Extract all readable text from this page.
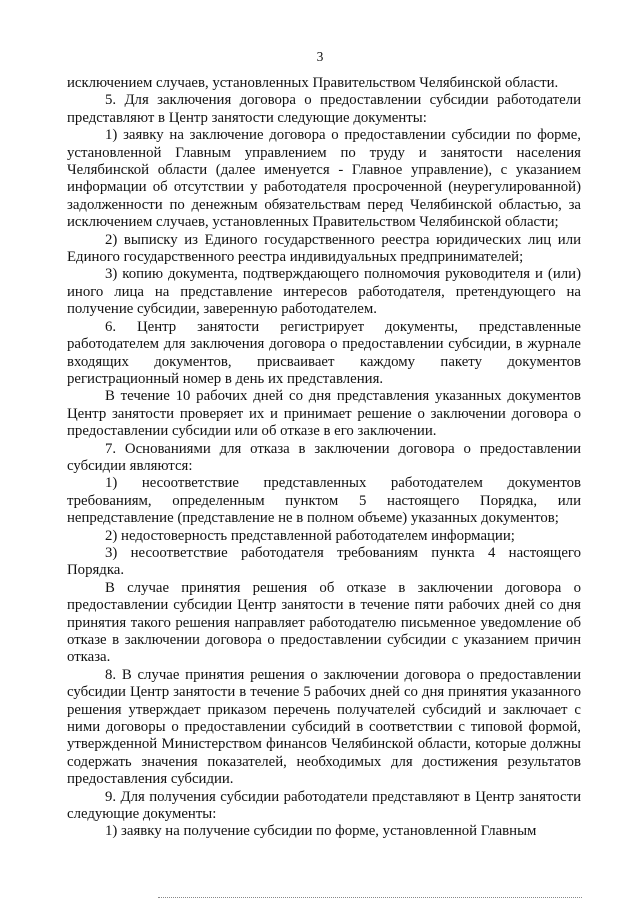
3

исключением случаев, установленных Правительством Челябинской области.

5. Для заключения договора о предоставлении субсидии работодатели представляют в Центр занятости следующие документы:

1) заявку на заключение договора о предоставлении субсидии по форме, установленной Главным управлением по труду и занятости населения Челябинской области (далее именуется - Главное управление), с указанием информации об отсутствии у работодателя просроченной (неурегулированной) задолженности по денежным обязательствам перед Челябинской областью, за исключением случаев, установленных Правительством Челябинской области;

2) выписку из Единого государственного реестра юридических лиц или Единого государственного реестра индивидуальных предпринимателей;

3) копию документа, подтверждающего полномочия руководителя и (или) иного лица на представление интересов работодателя, претендующего на получение субсидии, заверенную работодателем.

6. Центр занятости регистрирует документы, представленные работодателем для заключения договора о предоставлении субсидии, в журнале входящих документов, присваивает каждому пакету документов регистрационный номер в день их представления.

В течение 10 рабочих дней со дня представления указанных документов Центр занятости проверяет их и принимает решение о заключении договора о предоставлении субсидии или об отказе в его заключении.

7. Основаниями для отказа в заключении договора о предоставлении субсидии являются:

1) несоответствие представленных работодателем документов требованиям, определенным пунктом 5 настоящего Порядка, или непредставление (представление не в полном объеме) указанных документов;

2) недостоверность представленной работодателем информации;

3) несоответствие работодателя требованиям пункта 4 настоящего Порядка.

В случае принятия решения об отказе в заключении договора о предоставлении субсидии Центр занятости в течение пяти рабочих дней со дня принятия такого решения направляет работодателю письменное уведомление об отказе в заключении договора о предоставлении субсидии с указанием причин отказа.

8. В случае принятия решения о заключении договора о предоставлении субсидии Центр занятости в течение 5 рабочих дней со дня принятия указанного решения утверждает приказом перечень получателей субсидий и заключает с ними договоры о предоставлении субсидий в соответствии с типовой формой, утвержденной Министерством финансов Челябинской области, которые должны содержать значения показателей, необходимых для достижения результатов предоставления субсидии.

9. Для получения субсидии работодатели представляют в Центр занятости следующие документы:

1) заявку на получение субсидии по форме, установленной Главным
